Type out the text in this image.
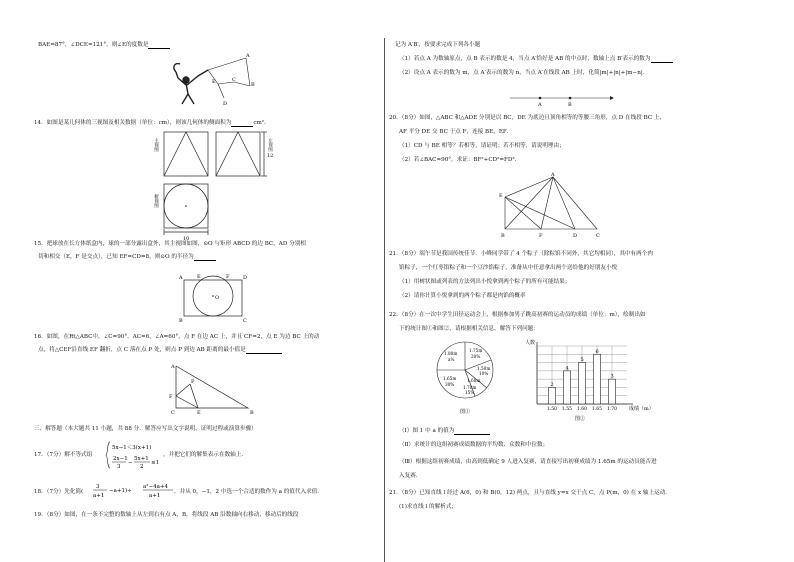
BAE=87°，∠DCE=121°，则∠E的度数是
A
B
C
D
E
14．如图是某几何体的三视图及相关数据（单位：cm），则该几何体的侧面积为	cm²．
主视图	左视图
俯视图
12
10
15．把球放在长方体纸盒内，球的一部分露出盒外，其主视图如图，⊙O 与矩形 ABCD 的边 BC，AD 分别相
切和相交（E，F 是交点），已知 EF=CD=8，则⊙O 的半径为
A
B	C
D
E	F
O
16．如图，在Rt△ABC中，∠C=90°，AC=6，∠A=60°，点 F 在边 AC 上，并且 CF=2，点 E 为边 BC 上的动
点，将△CEF沿直线 EF 翻折，点 C 落在点 P 处，则点 P 到边 AB 距离的最小值是
A
B
C	E
F
P
三、解答题（本大题共 11 小题，共 88 分．解答应写出文字说明、证明过程或演算步骤）
17．（7分）解不等式组
5x−1＜3(x+1)
2x−1
3
−
5x+1
2
≤1
，并把它们的解集表示在数轴上．
18．（7分）先化简(
3
a+1
−a+1)÷
a²−4a+4
a+1
，并从 0，−1，2 中选一个合适的数作为 a 的值代入求值．
19．（8分）如图，在一条不完整的数轴上从左到右有点 A，B，将线段 AB 沿数轴向右移动，移动后的线段
记为 A′B′，按要求完成下列各小题
（1）若点 A 为数轴原点，点 B 表示的数是 4，当点 A′恰好是 AB 的中点时，数轴上点 B′表示的数为
（2）设点 A 表示的数为 m，点 A′表示的数为 n，当点 A′在线段 AB 上时，化简|m|+|n|+|m−n|．
A	B
20．（8分）如图，△ABC 和△ADE 分别是以 BC，DE 为底边且顶角相等的等腰三角形，点 D 在线段 BC 上，
AF 平分 DE 交 BC 于点 F，连接 BE，EF．
（1）CD 与 BE 相等？若相等，请证明；若不相等，请说明理由；
（2）若∠BAC=90°，求证：BF²+CD²=FD²．
A
B	C
D
E
F
21．（8分）端午节是我国传统佳节．小峰同学带了 4 个粽子（除粽馅不同外，其它均相同），其中有两个肉
馅粽子，一个红枣馅粽子和一个豆沙馅粽子，准备从中任意拿出两个送给他的好朋友小悦
（1）用树状图或列表的方法列出小悦拿到两个粽子的所有可能结果；
（2）请你计算小悦拿到的两个粽子都是肉馅的概率
22．（8分）在一次中学生田径运动会上，根据参加男子跳高初赛的运动员的成绩（单位：m），绘制出如
下的统计图①和图②，请根据相关信息，解答下列问题：
1.80m
a%
1.75m
20%
1.50m
10%
1.60m
1.65m
30%
1.70m
15%
图①
2
4
5
6
3
1.50 1.55 1.60 1.65 1.70
人数
成绩（m）
图②
（Ⅰ）图 1 中 a 的值为
（Ⅱ）求统计的这组初赛成绩数据的平均数、众数和中位数；
（Ⅲ）根据这组初赛成绩，由高到低确定 9 人进入复赛，请直接写出初赛成绩为 1.65m 的运动员能否进
入复赛．
21．（8分）已知直线 l 经过 A(6，0) 和 B(0，12) 两点，且与直线 y=x 交于点 C，点 P(m，0) 在 x 轴上运动．
(1)求直线 l 的解析式；
